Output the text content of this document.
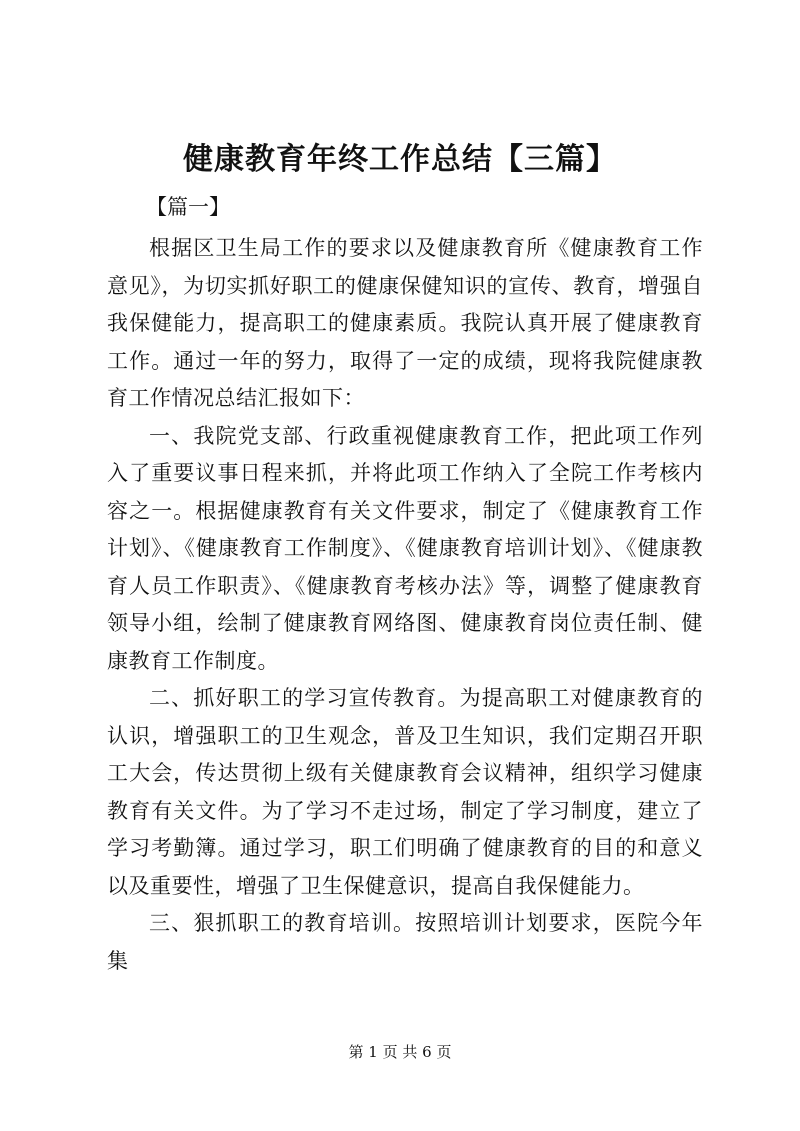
健康教育年终工作总结【三篇】
【篇一】

根据区卫生局工作的要求以及健康教育所《健康教育工作意见》，为切实抓好职工的健康保健知识的宣传、教育，增强自我保健能力，提高职工的健康素质。我院认真开展了健康教育工作。通过一年的努力，取得了一定的成绩，现将我院健康教育工作情况总结汇报如下：

一、我院党支部、行政重视健康教育工作，把此项工作列入了重要议事日程来抓，并将此项工作纳入了全院工作考核内容之一。根据健康教育有关文件要求，制定了《健康教育工作计划》、《健康教育工作制度》、《健康教育培训计划》、《健康教育人员工作职责》、《健康教育考核办法》等，调整了健康教育领导小组，绘制了健康教育网络图、健康教育岗位责任制、健康教育工作制度。

二、抓好职工的学习宣传教育。为提高职工对健康教育的认识，增强职工的卫生观念，普及卫生知识，我们定期召开职工大会，传达贯彻上级有关健康教育会议精神，组织学习健康教育有关文件。为了学习不走过场，制定了学习制度，建立了学习考勤簿。通过学习，职工们明确了健康教育的目的和意义以及重要性，增强了卫生保健意识，提高自我保健能力。

三、狠抓职工的教育培训。按照培训计划要求，医院今年集

第 1 页 共 6 页
